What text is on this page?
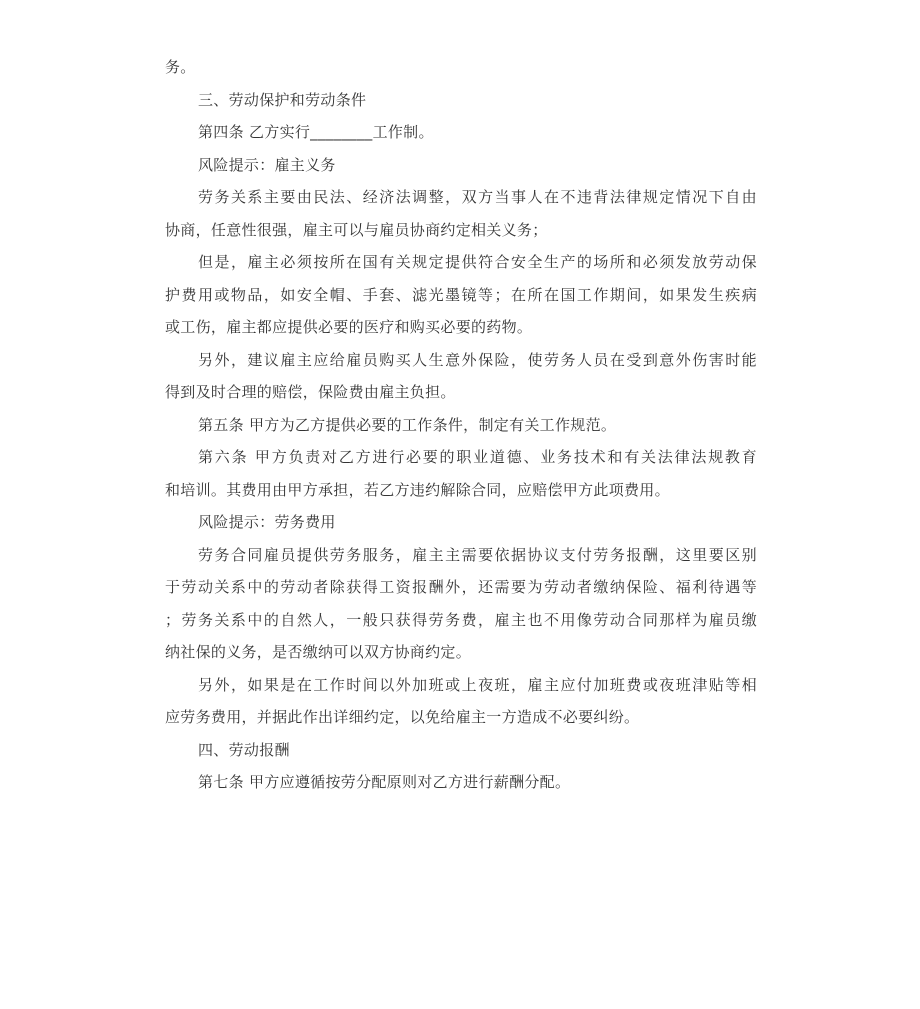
务。
三、劳动保护和劳动条件
第四条 乙方实行________工作制。
风险提示：雇主义务
劳务关系主要由民法、经济法调整，双方当事人在不违背法律规定情况下自由
协商，任意性很强，雇主可以与雇员协商约定相关义务；
但是，雇主必须按所在国有关规定提供符合安全生产的场所和必须发放劳动保
护费用或物品，如安全帽、手套、滤光墨镜等；在所在国工作期间，如果发生疾病
或工伤，雇主都应提供必要的医疗和购买必要的药物。
另外，建议雇主应给雇员购买人生意外保险，使劳务人员在受到意外伤害时能
得到及时合理的赔偿，保险费由雇主负担。
第五条 甲方为乙方提供必要的工作条件，制定有关工作规范。
第六条 甲方负责对乙方进行必要的职业道德、业务技术和有关法律法规教育
和培训。其费用由甲方承担，若乙方违约解除合同，应赔偿甲方此项费用。
风险提示：劳务费用
劳务合同雇员提供劳务服务，雇主主需要依据协议支付劳务报酬，这里要区别
于劳动关系中的劳动者除获得工资报酬外，还需要为劳动者缴纳保险、福利待遇等
；劳务关系中的自然人，一般只获得劳务费，雇主也不用像劳动合同那样为雇员缴
纳社保的义务，是否缴纳可以双方协商约定。
另外，如果是在工作时间以外加班或上夜班，雇主应付加班费或夜班津贴等相
应劳务费用，并据此作出详细约定，以免给雇主一方造成不必要纠纷。
四、劳动报酬
第七条 甲方应遵循按劳分配原则对乙方进行薪酬分配。
